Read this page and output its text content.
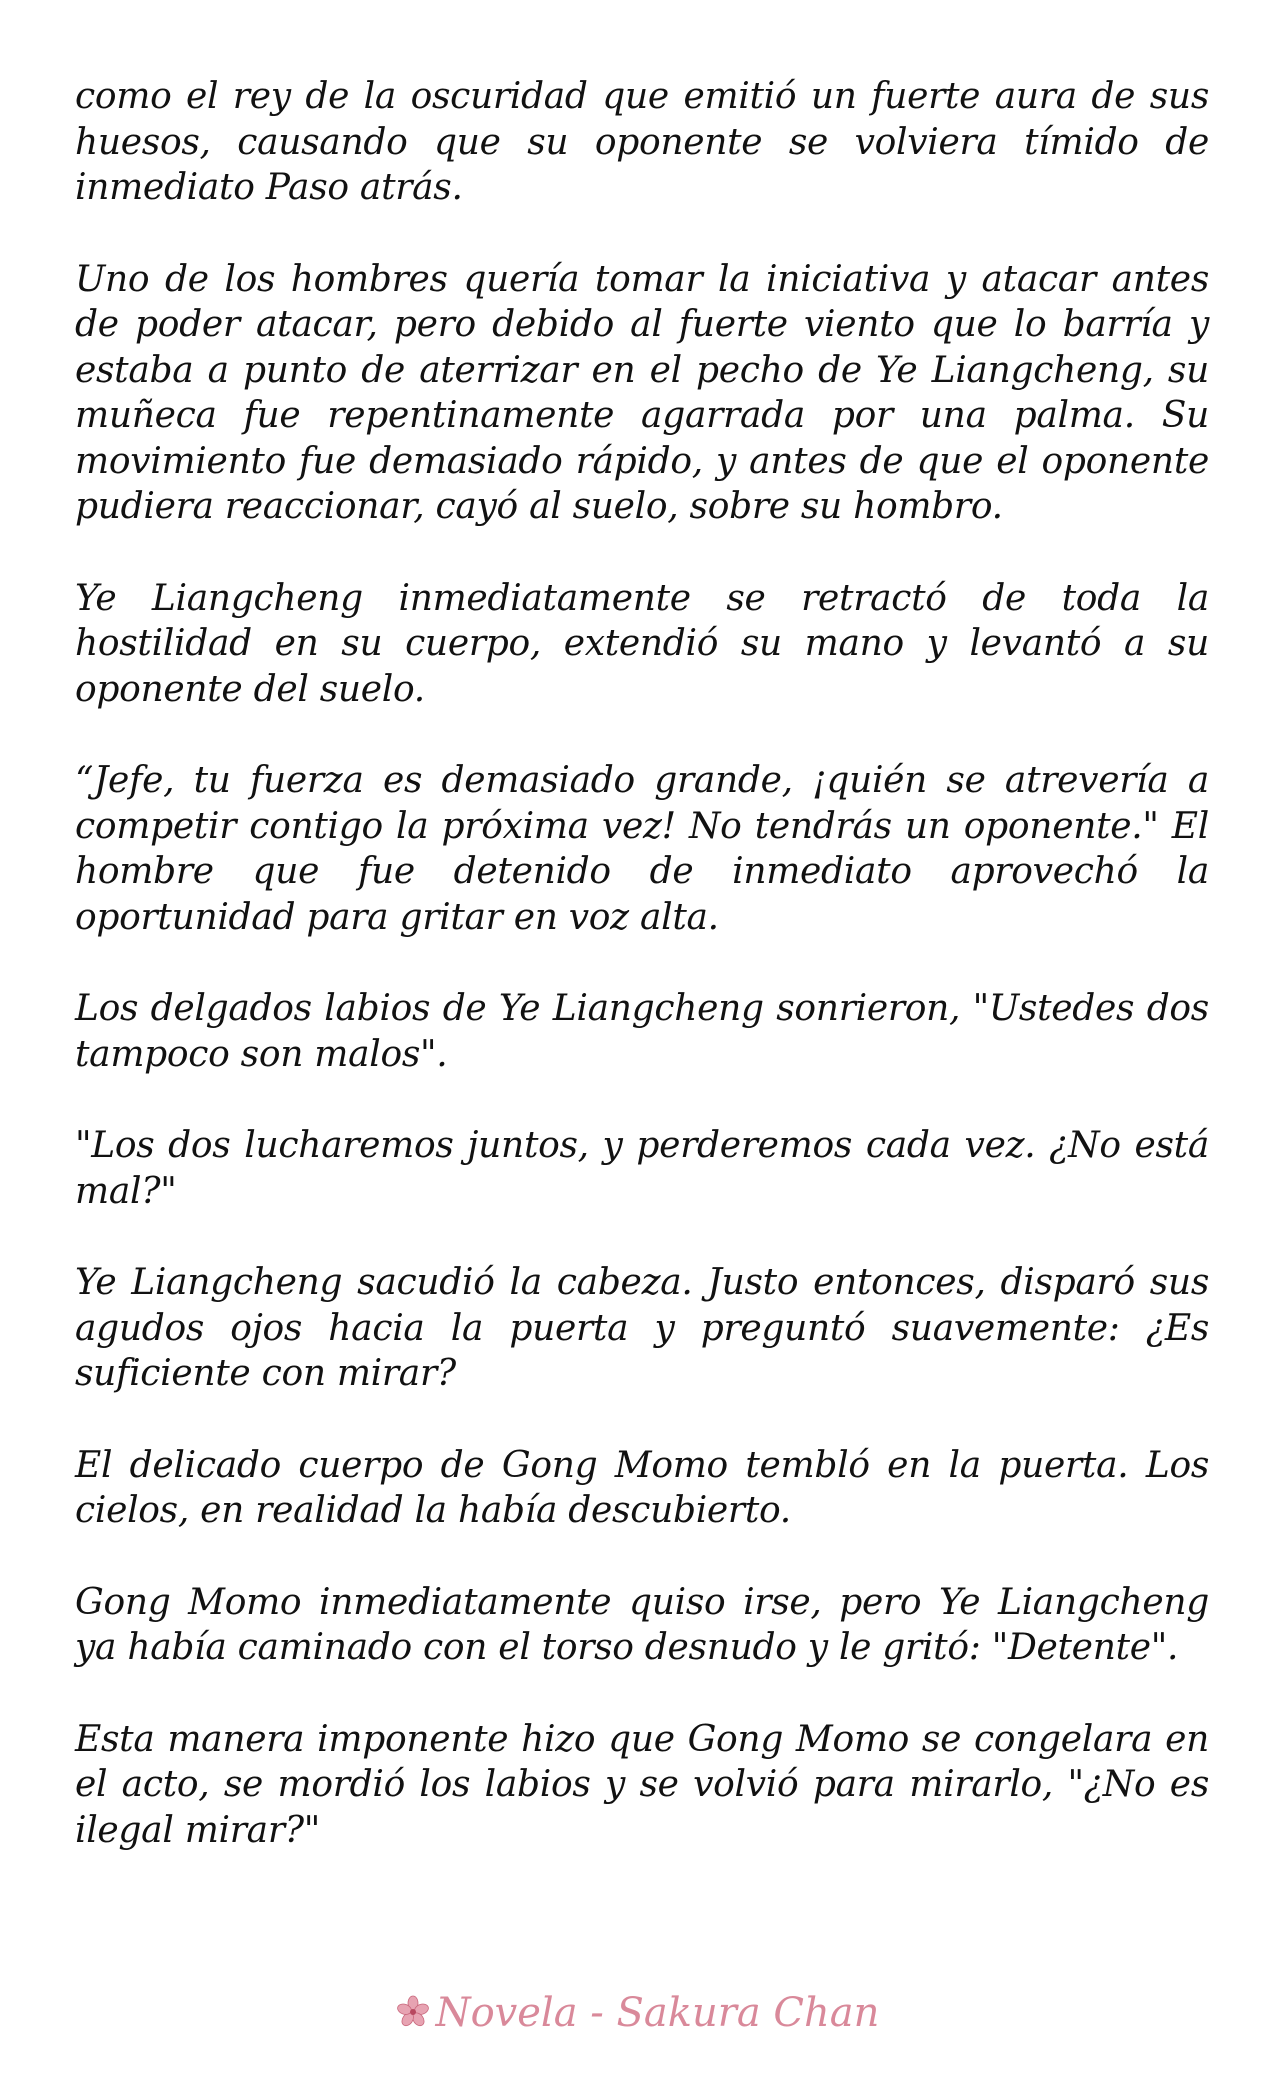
como el rey de la oscuridad que emitió un fuerte aura de sus huesos, causando que su oponente se volviera tímido de inmediato Paso atrás.

Uno de los hombres quería tomar la iniciativa y atacar antes de poder atacar, pero debido al fuerte viento que lo barría y estaba a punto de aterrizar en el pecho de Ye Liangcheng, su muñeca fue repentinamente agarrada por una palma. Su movimiento fue demasiado rápido, y antes de que el oponente pudiera reaccionar, cayó al suelo, sobre su hombro.

Ye Liangcheng inmediatamente se retractó de toda la hostilidad en su cuerpo, extendió su mano y levantó a su oponente del suelo.

“Jefe, tu fuerza es demasiado grande, ¡quién se atrevería a competir contigo la próxima vez! No tendrás un oponente." El hombre que fue detenido de inmediato aprovechó la oportunidad para gritar en voz alta.

Los delgados labios de Ye Liangcheng sonrieron, "Ustedes dos tampoco son malos".

"Los dos lucharemos juntos, y perderemos cada vez. ¿No está mal?"

Ye Liangcheng sacudió la cabeza. Justo entonces, disparó sus agudos ojos hacia la puerta y preguntó suavemente: ¿Es suficiente con mirar?

El delicado cuerpo de Gong Momo tembló en la puerta. Los cielos, en realidad la había descubierto.

Gong Momo inmediatamente quiso irse, pero Ye Liangcheng ya había caminado con el torso desnudo y le gritó: "Detente".

Esta manera imponente hizo que Gong Momo se congelara en el acto, se mordió los labios y se volvió para mirarlo, "¿No es ilegal mirar?"

Novela - Sakura Chan
